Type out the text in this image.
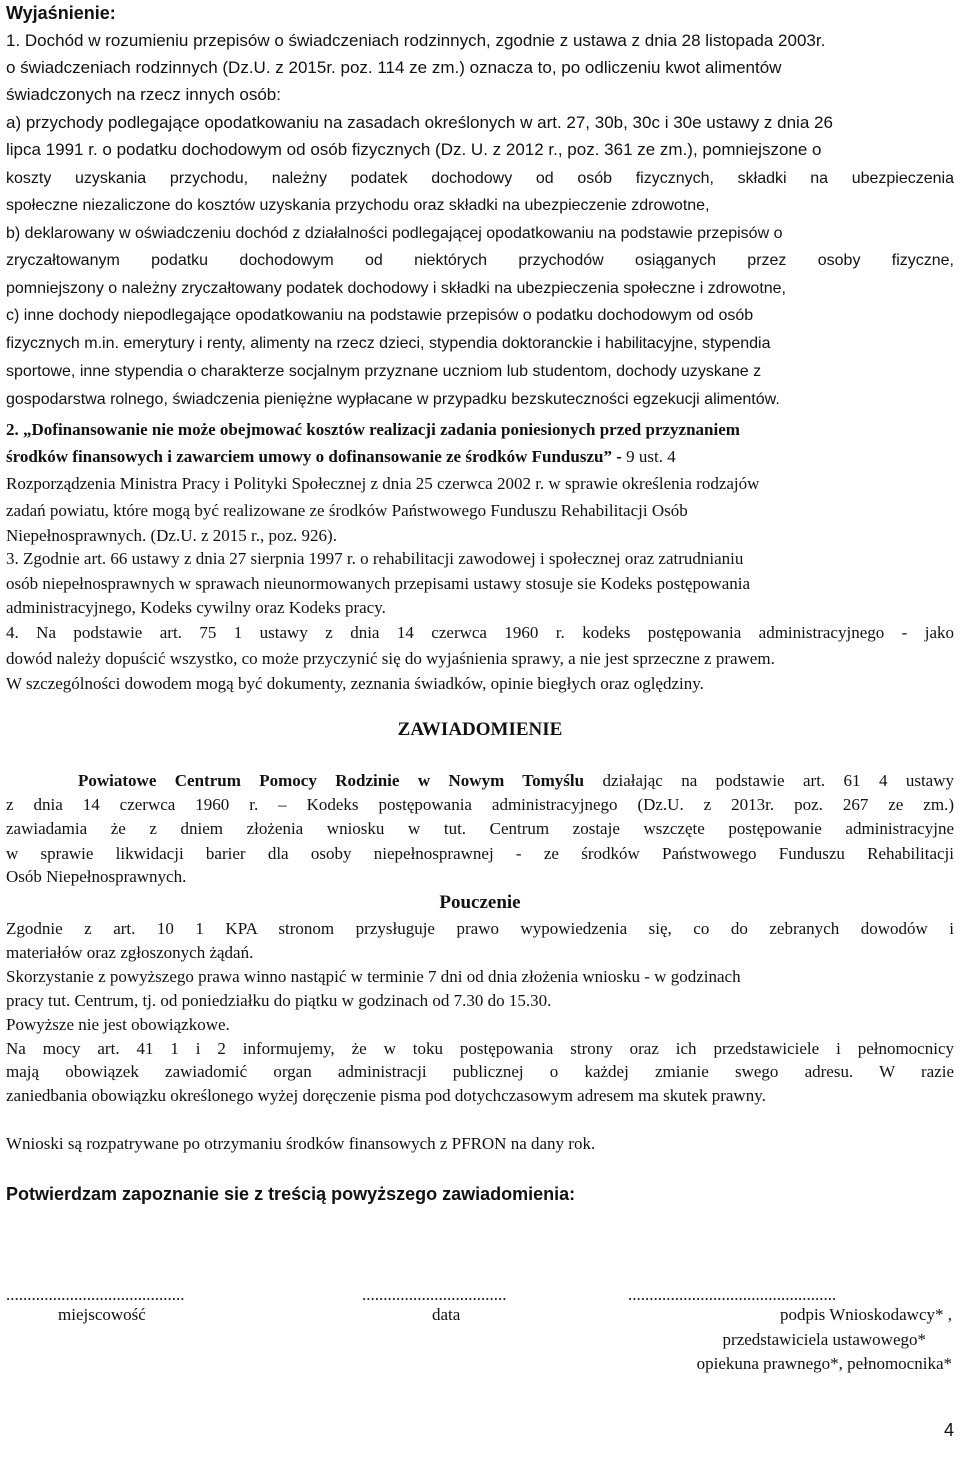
Wyjaśnienie:
1. Dochód w rozumieniu przepisów o świadczeniach rodzinnych, zgodnie z ustawa z dnia 28 listopada 2003r.
o świadczeniach rodzinnych (Dz.U. z 2015r. poz. 114 ze zm.) oznacza to, po odliczeniu kwot alimentów
świadczonych na rzecz innych osób:
a) przychody podlegające opodatkowaniu na zasadach określonych w art. 27, 30b, 30c i 30e ustawy z dnia 26
lipca 1991 r. o podatku dochodowym od osób fizycznych (Dz. U. z 2012 r., poz. 361 ze zm.), pomniejszone o
koszty uzyskania przychodu, należny podatek dochodowy od osób fizycznych, składki na ubezpieczenia
społeczne niezaliczone do kosztów uzyskania przychodu oraz składki na ubezpieczenie zdrowotne,
b) deklarowany w oświadczeniu dochód z działalności podlegającej opodatkowaniu na podstawie przepisów o
zryczałtowanym podatku dochodowym od niektórych przychodów osiąganych przez osoby fizyczne,
pomniejszony o należny zryczałtowany podatek dochodowy i składki na ubezpieczenia społeczne i zdrowotne,
c) inne dochody niepodlegające opodatkowaniu na podstawie przepisów o podatku dochodowym od osób
fizycznych m.in. emerytury i renty, alimenty na rzecz dzieci, stypendia doktoranckie i habilitacyjne, stypendia
sportowe, inne stypendia o charakterze socjalnym przyznane uczniom lub studentom, dochody uzyskane z
gospodarstwa rolnego, świadczenia pieniężne wypłacane w przypadku bezskuteczności egzekucji alimentów.
2. „Dofinansowanie nie może obejmować kosztów realizacji zadania poniesionych przed przyznaniem
środków finansowych i zawarciem umowy o dofinansowanie ze środków Funduszu” - 9 ust. 4
Rozporządzenia Ministra Pracy i Polityki Społecznej z dnia 25 czerwca 2002 r. w sprawie określenia rodzajów
zadań powiatu, które mogą być realizowane ze środków Państwowego Funduszu Rehabilitacji Osób
Niepełnosprawnych. (Dz.U. z 2015 r., poz. 926).
3. Zgodnie art. 66 ustawy z dnia 27 sierpnia 1997 r. o rehabilitacji zawodowej i społecznej oraz zatrudnianiu
osób niepełnosprawnych w sprawach nieunormowanych przepisami ustawy stosuje sie Kodeks postępowania
administracyjnego, Kodeks cywilny oraz Kodeks pracy.
4. Na podstawie art. 75 1 ustawy z dnia 14 czerwca 1960 r. kodeks postępowania administracyjnego - jako
dowód należy dopuścić wszystko, co może przyczynić się do wyjaśnienia sprawy, a nie jest sprzeczne z prawem.
W szczególności dowodem mogą być dokumenty, zeznania świadków, opinie biegłych oraz oględziny.
ZAWIADOMIENIE
Powiatowe Centrum Pomocy Rodzinie w Nowym Tomyślu działając na podstawie art. 61 4 ustawy
z dnia 14 czerwca 1960 r. – Kodeks postępowania administracyjnego (Dz.U. z 2013r. poz. 267 ze zm.)
zawiadamia że z dniem złożenia wniosku w tut. Centrum zostaje wszczęte postępowanie administracyjne
w sprawie likwidacji barier dla osoby niepełnosprawnej - ze środków Państwowego Funduszu Rehabilitacji
Osób Niepełnosprawnych.
Pouczenie
Zgodnie z art. 10 1 KPA stronom przysługuje prawo wypowiedzenia się, co do zebranych dowodów i
materiałów oraz zgłoszonych żądań.
Skorzystanie z powyższego prawa winno nastąpić w terminie 7 dni od dnia złożenia wniosku - w godzinach
pracy tut. Centrum, tj. od poniedziałku do piątku w godzinach od 7.30 do 15.30.
Powyższe nie jest obowiązkowe.
Na mocy art. 41 1 i 2 informujemy, że w toku postępowania strony oraz ich przedstawiciele i pełnomocnicy
mają obowiązek zawiadomić organ administracji publicznej o każdej zmianie swego adresu. W razie
zaniedbania obowiązku określonego wyżej doręczenie pisma pod dotychczasowym adresem ma skutek prawny.
Wnioski są rozpatrywane po otrzymaniu środków finansowych z PFRON na dany rok.
Potwierdzam zapoznanie sie z treścią powyższego zawiadomienia:
..........................................	..................................	.................................................
miejscowość	data	podpis Wnioskodawcy* ,
przedstawiciela ustawowego*
opiekuna prawnego*, pełnomocnika*
4
